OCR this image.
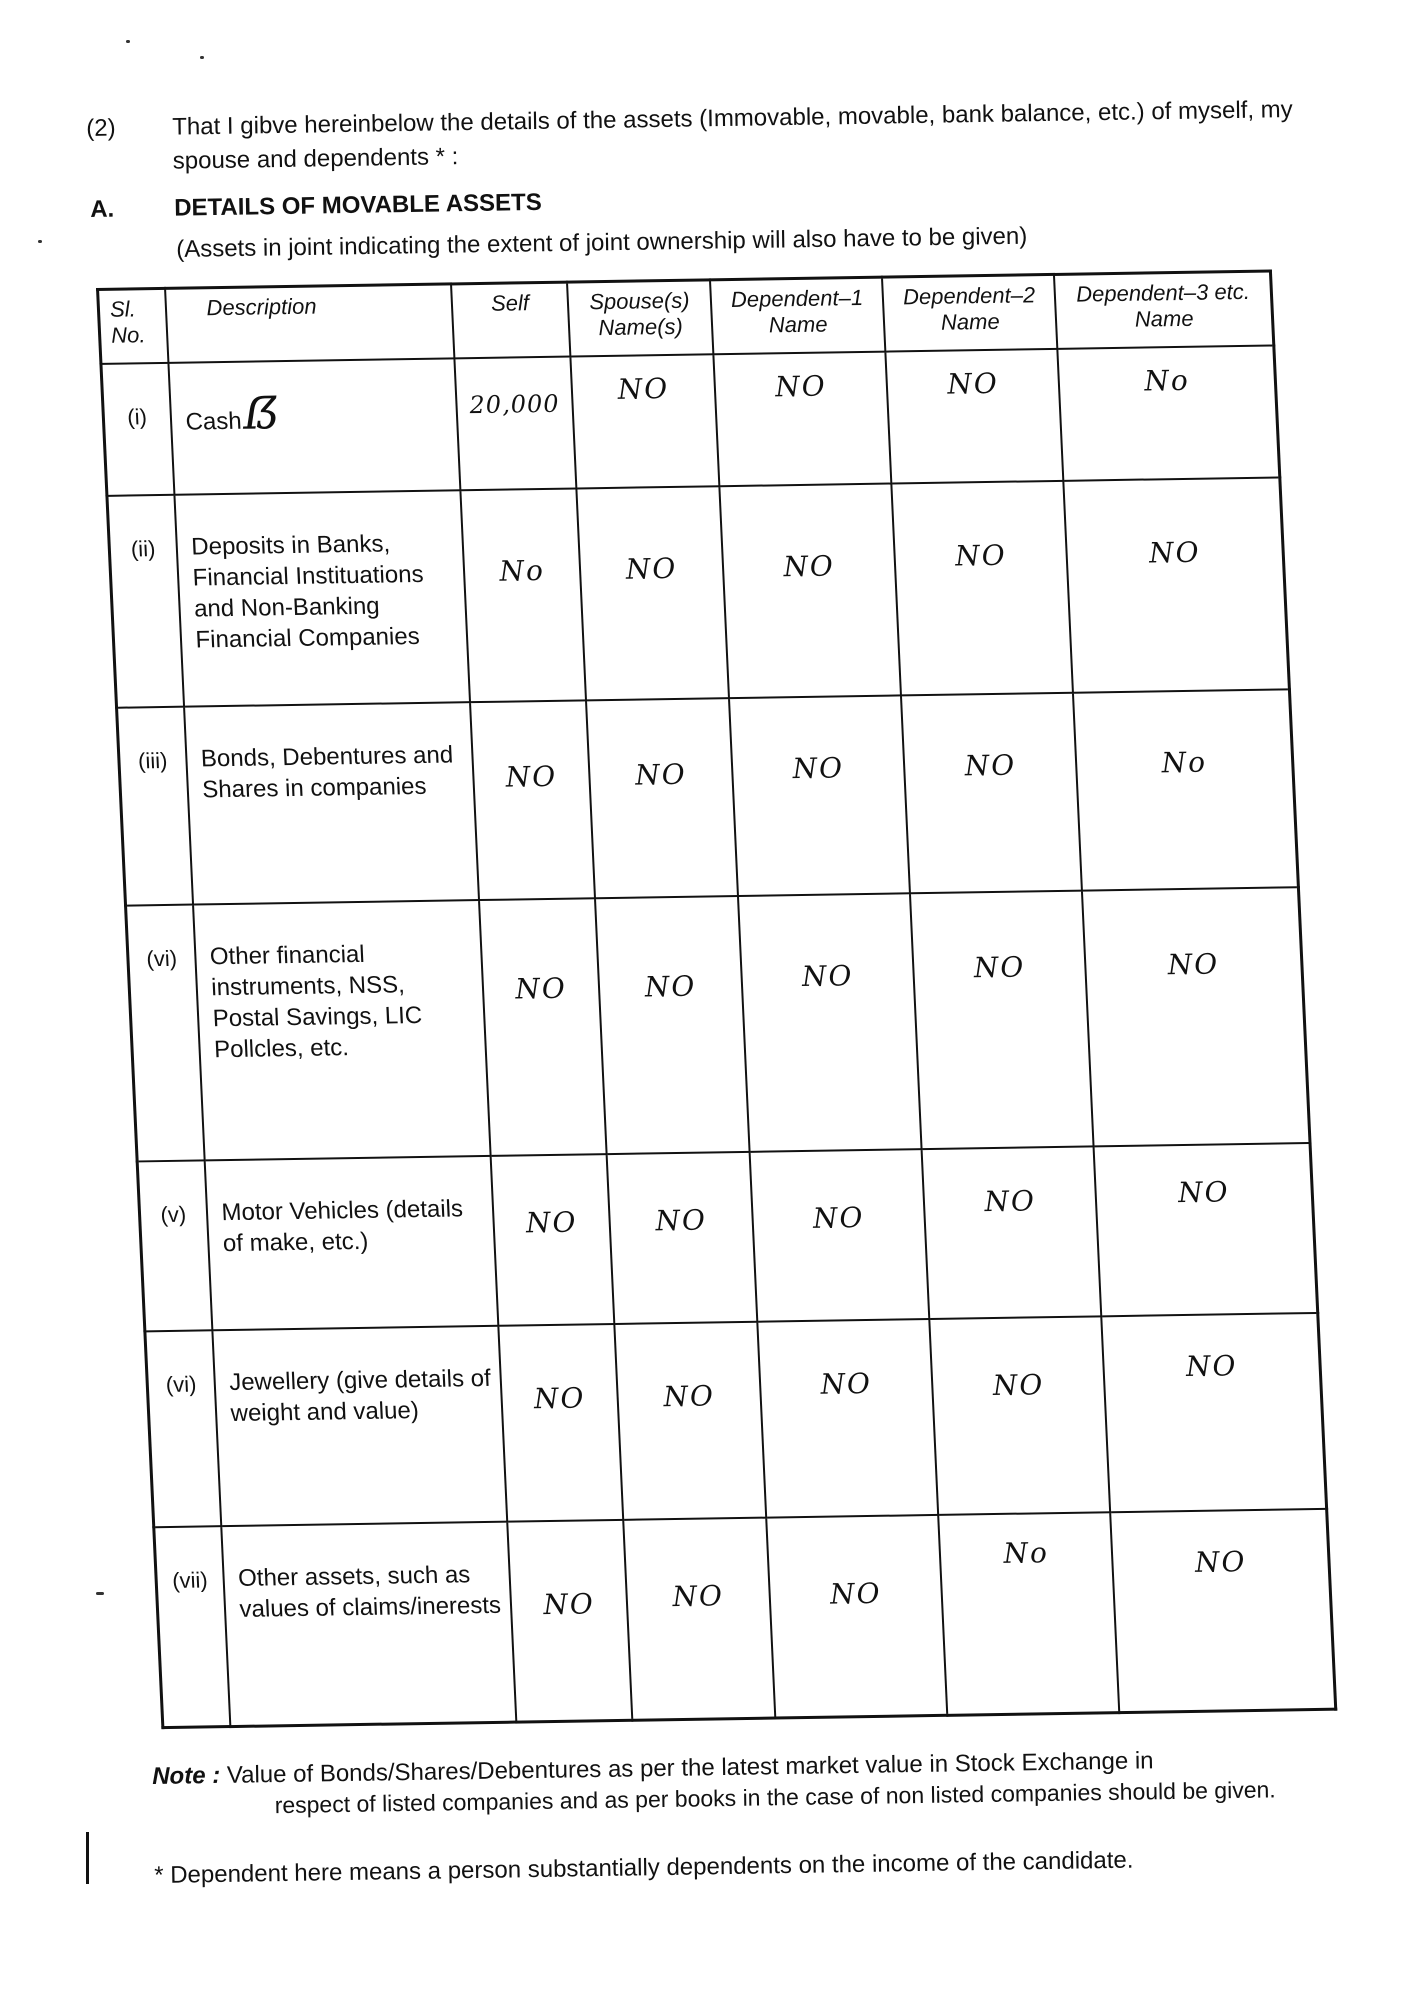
(2) That I gibve hereinbelow the details of the assets (Immovable, movable, bank balance, etc.) of myself, my spouse and dependents * :
A. DETAILS OF MOVABLE ASSETS
(Assets in joint indicating the extent of joint ownership will also have to be given)
Sl. No.	Description	Self	Spouse(s) Name(s)	Dependent–1 Name	Dependent–2 Name	Dependent–3 etc. Name
(i)	Cashẞ	20,000	NO	NO	NO	No
(ii)	Deposits in Banks, Financial Instituations and Non-Banking Financial Companies	No	NO	NO	NO	NO
(iii)	Bonds, Debentures and Shares in companies	NO	NO	NO	NO	No
(vi)	Other financial instruments, NSS, Postal Savings, LIC Pollcles, etc.	NO	NO	NO	NO	NO
(v)	Motor Vehicles (details of make, etc.)	NO	NO	NO	NO	NO
(vi)	Jewellery (give details of weight and value)	NO	NO	NO	NO	NO
(vii)	Other assets, such as values of claims/inerests	NO	NO	NO	No	NO
Note : Value of Bonds/Shares/Debentures as per the latest market value in Stock Exchange in
respect of listed companies and as per books in the case of non listed companies should be given.
* Dependent here means a person substantially dependents on the income of the candidate.
